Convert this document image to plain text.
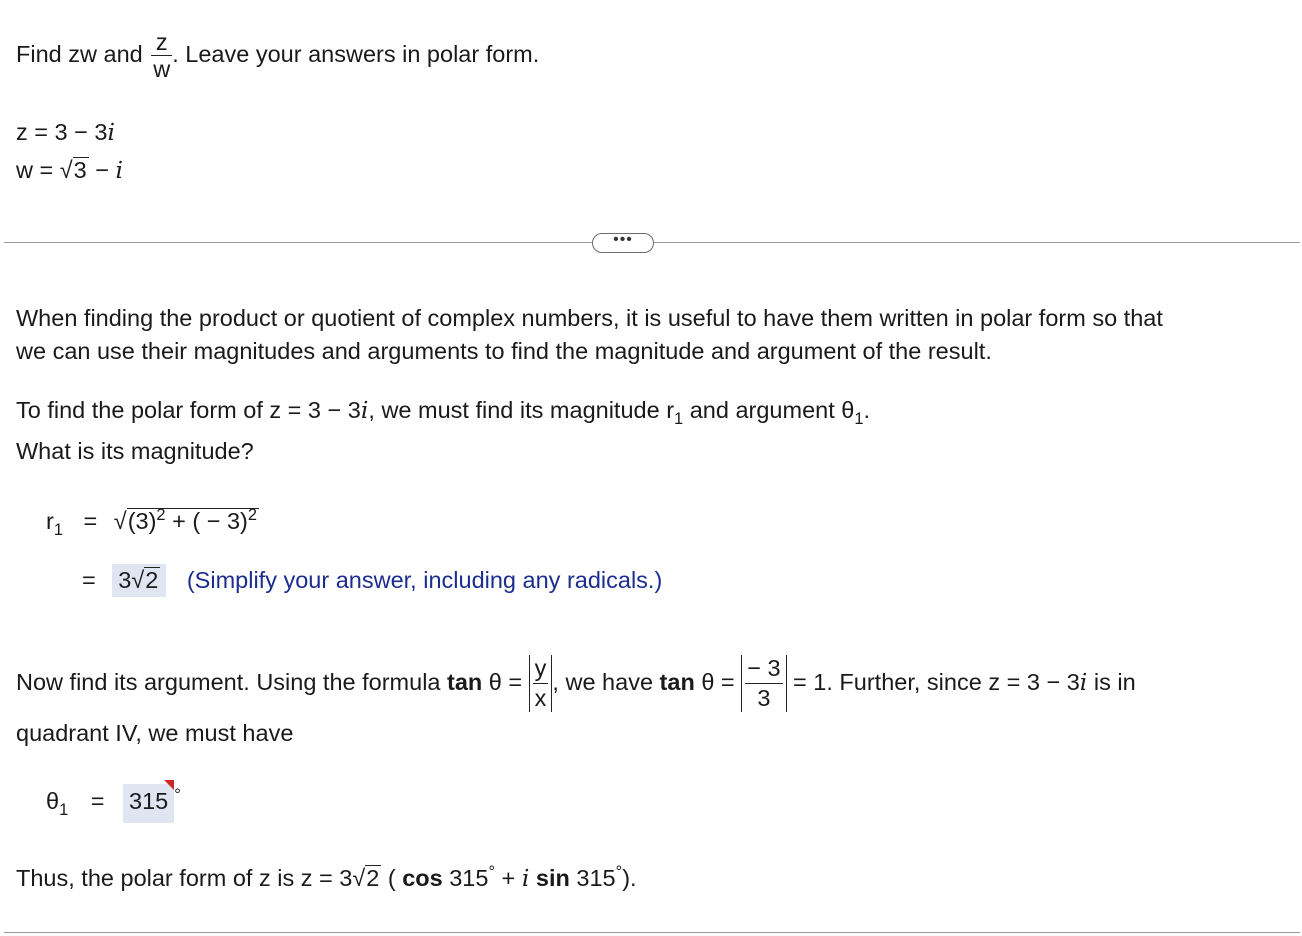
Find zw and $\frac{z}{w}$ . Leave your answers in polar form.
z = 3 − 3i
w = √3 − i
•••
When finding the product or quotient of complex numbers, it is useful to have them written in polar form so that
we can use their magnitudes and arguments to find the magnitude and argument of the result.
To find the polar form of z = 3 − 3i, we must find its magnitude $r_1$ and argument $\theta_1$.
What is its magnitude?
$r_1 = √(3)^2$ + ( − 3)$^2$
= 3√2 (Simplify your answer, including any radicals.)
Now find its argument. Using the formula $\tan \theta = \frac{y}{x}$ , we have $\tan \theta = \frac{- 3}{3} = 1$. Further, since z = 3 − 3i is in
quadrant IV, we must have
$\theta_1 = 315$ °
Thus, the polar form of z is z = 3√2 ( cos 315° + i sin 315°).
